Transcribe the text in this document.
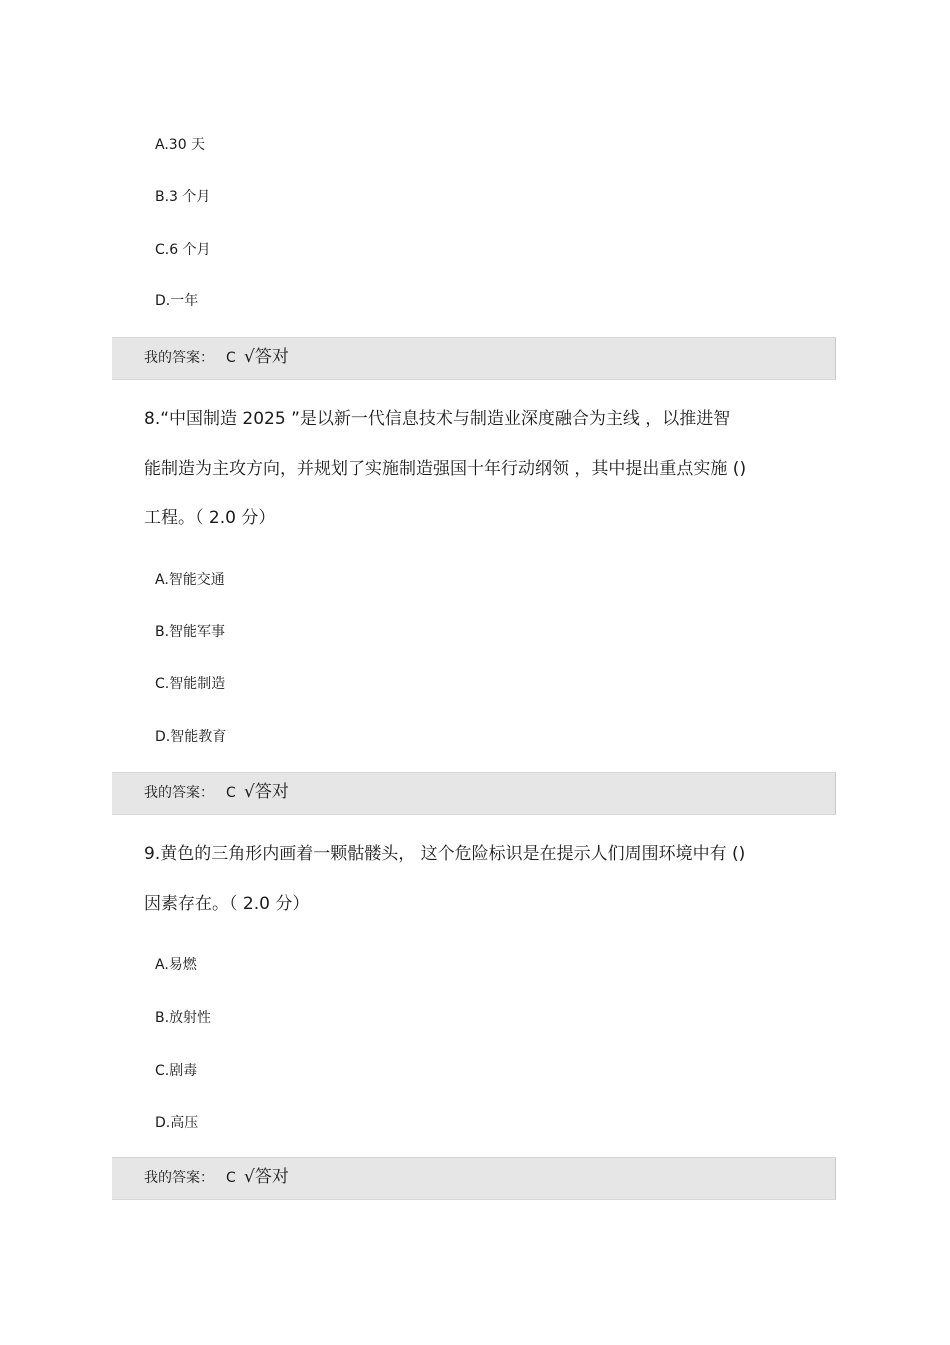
A.30 天
B.3 个月
C.6 个月
D.一年
我的答案： C √答对
8.“中国制造 2025 ”是以新一代信息技术与制造业深度融合为主线 ，以推进智
能制造为主攻方向，并规划了实施制造强国十年行动纲领 ，其中提出重点实施 ()
工程。（ 2.0 分）
A.智能交通
B.智能军事
C.智能制造
D.智能教育
我的答案： C √答对
9.黄色的三角形内画着一颗骷髅头， 这个危险标识是在提示人们周围环境中有 ()
因素存在。（ 2.0 分）
A.易燃
B.放射性
C.剧毒
D.高压
我的答案： C √答对
